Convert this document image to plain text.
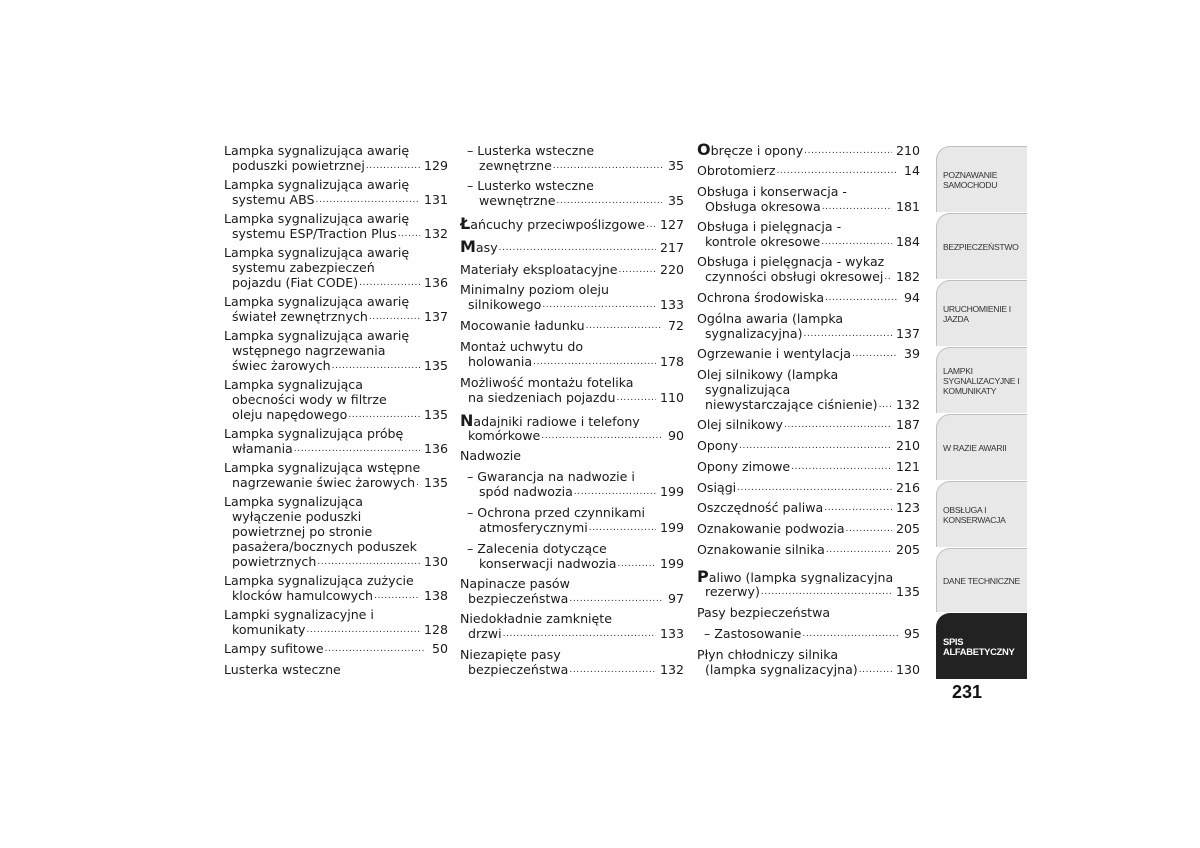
Lampka sygnalizująca awarię
poduszki powietrznej .....	129
Lampka sygnalizująca awarię
systemu ABS .....	131
Lampka sygnalizująca awarię
systemu ESP/Traction Plus ..... 132
Lampka sygnalizująca awarię
systemu zabezpieczeń
pojazdu (Fiat CODE) .....	136
Lampka sygnalizująca awarię
świateł zewnętrznych .....	137
Lampka sygnalizująca awarię
wstępnego nagrzewania
świec żarowych .....	135
Lampka sygnalizująca
obecności wody w filtrze
oleju napędowego .....	135
Lampka sygnalizująca próbę
włamania .....	136
Lampka sygnalizująca wstępne
nagrzewanie świec żarowych ..... 135
Lampka sygnalizująca
wyłączenie poduszki
powietrznej po stronie
pasażera/bocznych poduszek
powietrznych .....	130
Lampka sygnalizująca zużycie
klocków hamulcowych .....	138
Lampki sygnalizacyjne i
komunikaty .....	128
Lampy sufitowe .....	50
Lusterka wsteczne
– Lusterka wsteczne
zewnętrzne .....	35
– Lusterko wsteczne
wewnętrzne .....	35
Łańcuchy przeciwpoślizgowe ..... 127
Masy .....	217
Materiały eksploatacyjne .....	220
Minimalny poziom oleju
silnikowego .....	133
Mocowanie ładunku .....	72
Montaż uchwytu do
holowania .....	178
Możliwość montażu fotelika
na siedzeniach pojazdu .....	110
Nadajniki radiowe i telefony
komórkowe .....	90
Nadwozie
– Gwarancja na nadwozie i
spód nadwozia .....	199
– Ochrona przed czynnikami
atmosferycznymi .....	199
– Zalecenia dotyczące
konserwacji nadwozia .....	199
Napinacze pasów
bezpieczeństwa .....	97
Niedokładnie zamknięte
drzwi .....	133
Niezapięte pasy
bezpieczeństwa .....	132
Obręcze i opony .....	210
Obrotomierz .....	14
Obsługa i konserwacja -
Obsługa okresowa .....	181
Obsługa i pielęgnacja -
kontrole okresowe .....	184
Obsługa i pielęgnacja - wykaz
czynności obsługi okresowej ..... 182
Ochrona środowiska .....	94
Ogólna awaria (lampka
sygnalizacyjna) .....	137
Ogrzewanie i wentylacja .....	39
Olej silnikowy (lampka
sygnalizująca
niewystarczające ciśnienie) ..... 132
Olej silnikowy .....	187
Opony .....	210
Opony zimowe .....	121
Osiągi .....	216
Oszczędność paliwa .....	123
Oznakowanie podwozia .....	205
Oznakowanie silnika .....	205
Paliwo (lampka sygnalizacyjna
rezerwy) .....	135
Pasy bezpieczeństwa
– Zastosowanie .....	95
Płyn chłodniczy silnika
(lampka sygnalizacyjna) .....	130
POZNAWANIE
SAMOCHODU
BEZPIECZEŃSTWO
URUCHOMIENIE I
JAZDA
LAMPKI
SYGNALIZACYJNE I
KOMUNIKATY
W RAZIE AWARII
OBSŁUGA I
KONSERWACJA
DANE TECHNICZNE
SPIS
ALFABETYCZNY
231
